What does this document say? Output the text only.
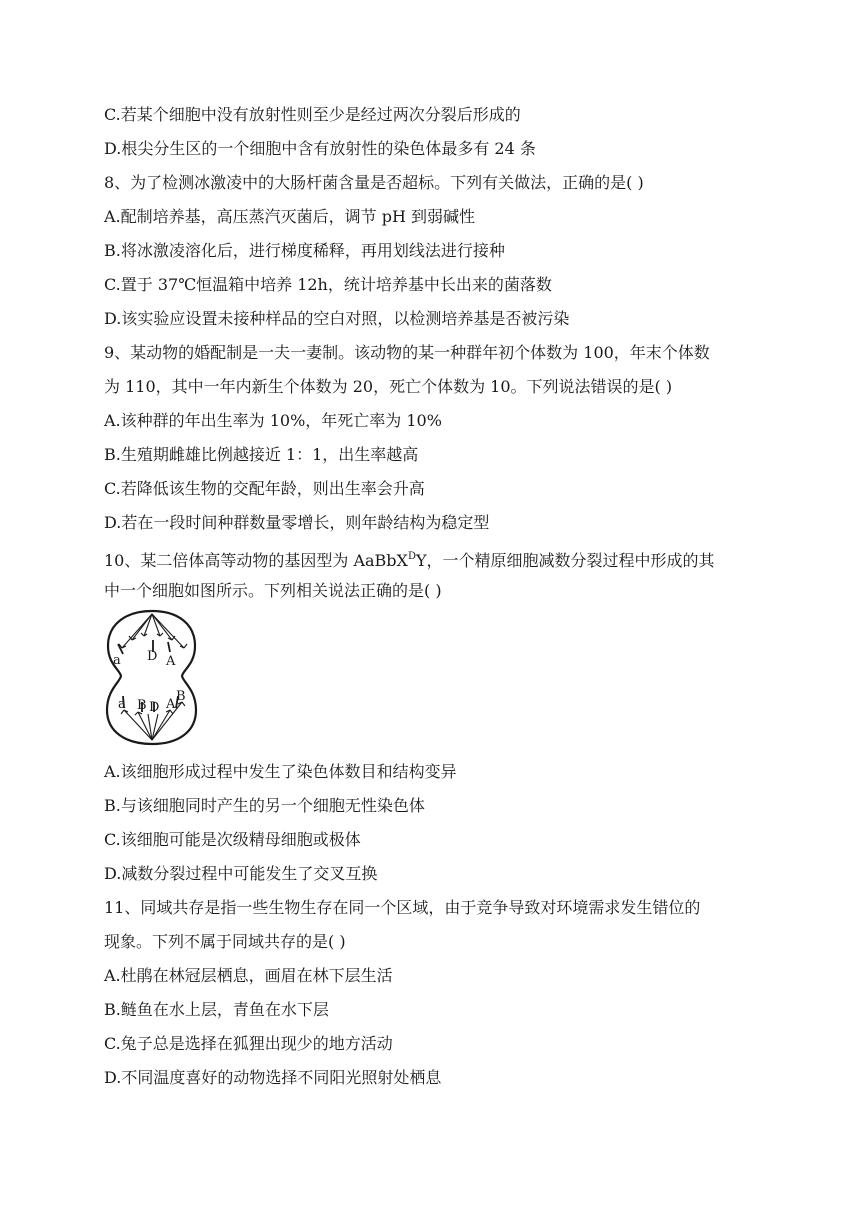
C.若某个细胞中没有放射性则至少是经过两次分裂后形成的
D.根尖分生区的一个细胞中含有放射性的染色体最多有 24 条
8、为了检测冰激凌中的大肠杆菌含量是否超标。下列有关做法，正确的是( )
A.配制培养基，高压蒸汽灭菌后，调节 pH 到弱碱性
B.将冰激凌溶化后，进行梯度稀释，再用划线法进行接种
C.置于 37℃恒温箱中培养 12h，统计培养基中长出来的菌落数
D.该实验应设置未接种样品的空白对照，以检测培养基是否被污染
9、某动物的婚配制是一夫一妻制。该动物的某一种群年初个体数为 100，年末个体数
为 110，其中一年内新生个体数为 20，死亡个体数为 10。下列说法错误的是( )
A.该种群的年出生率为 10%，年死亡率为 10%
B.生殖期雌雄比例越接近 1：1，出生率越高
C.若降低该生物的交配年龄，则出生率会升高
D.若在一段时间种群数量零增长，则年龄结构为稳定型
10、某二倍体高等动物的基因型为 AaBbX$^D$Y，一个精原细胞减数分裂过程中形成的其
中一个细胞如图所示。下列相关说法正确的是( )
a D A
a B D A
B
A.该细胞形成过程中发生了染色体数目和结构变异
B.与该细胞同时产生的另一个细胞无性染色体
C.该细胞可能是次级精母细胞或极体
D.减数分裂过程中可能发生了交叉互换
11、同域共存是指一些生物生存在同一个区域，由于竞争导致对环境需求发生错位的
现象。下列不属于同域共存的是( )
A.杜鹃在林冠层栖息，画眉在林下层生活
B.鲢鱼在水上层，青鱼在水下层
C.兔子总是选择在狐狸出现少的地方活动
D.不同温度喜好的动物选择不同阳光照射处栖息
